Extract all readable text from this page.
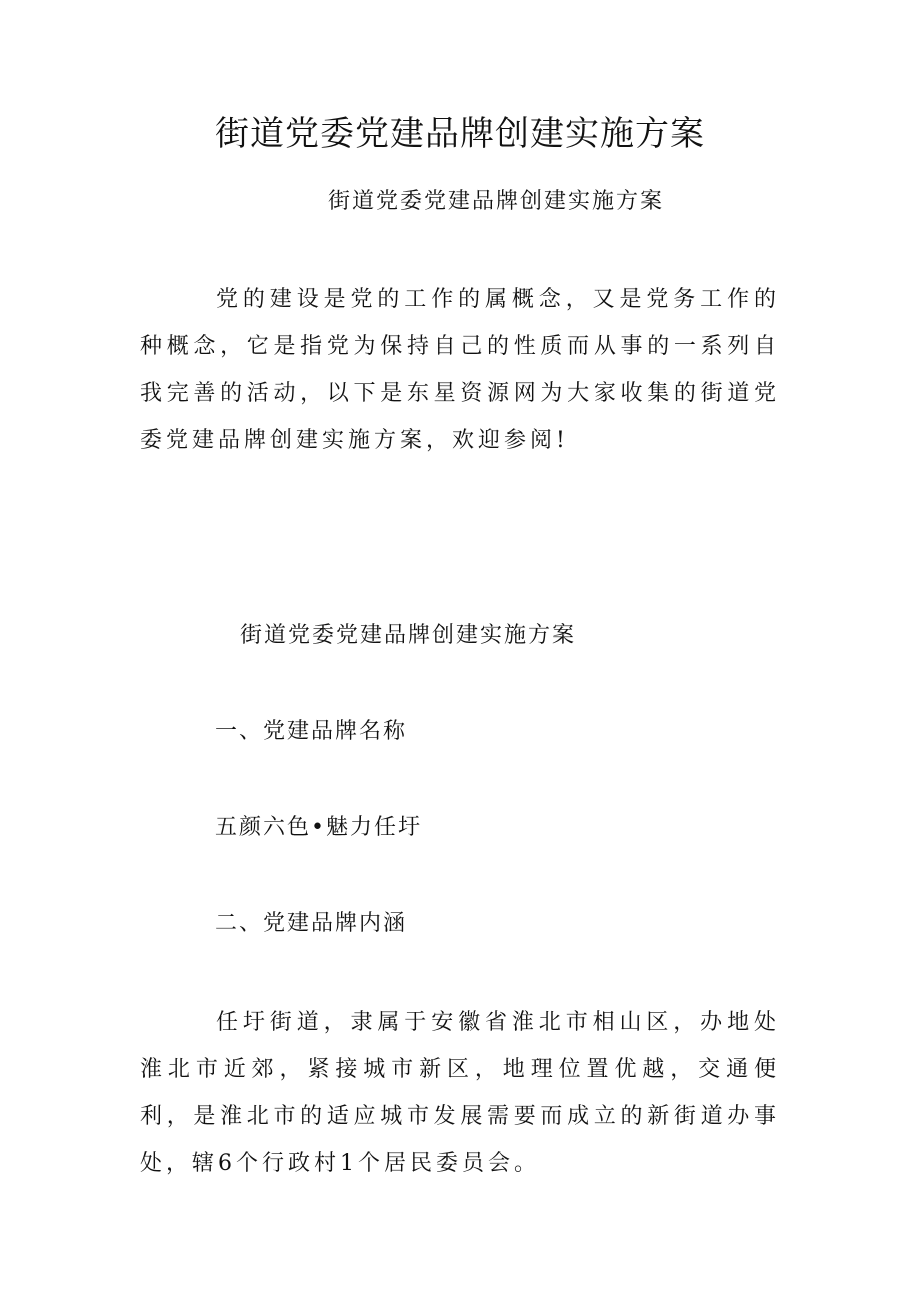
街道党委党建品牌创建实施方案

街道党委党建品牌创建实施方案

党的建设是党的工作的属概念，又是党务工作的种概念，它是指党为保持自己的性质而从事的一系列自我完善的活动，以下是东星资源网为大家收集的街道党委党建品牌创建实施方案，欢迎参阅!

街道党委党建品牌创建实施方案

一、党建品牌名称

五颜六色•魅力任圩

二、党建品牌内涵

任圩街道，隶属于安徽省淮北市相山区，办地处淮北市近郊，紧接城市新区，地理位置优越，交通便利，是淮北市的适应城市发展需要而成立的新街道办事处，辖6个行政村1个居民委员会。
